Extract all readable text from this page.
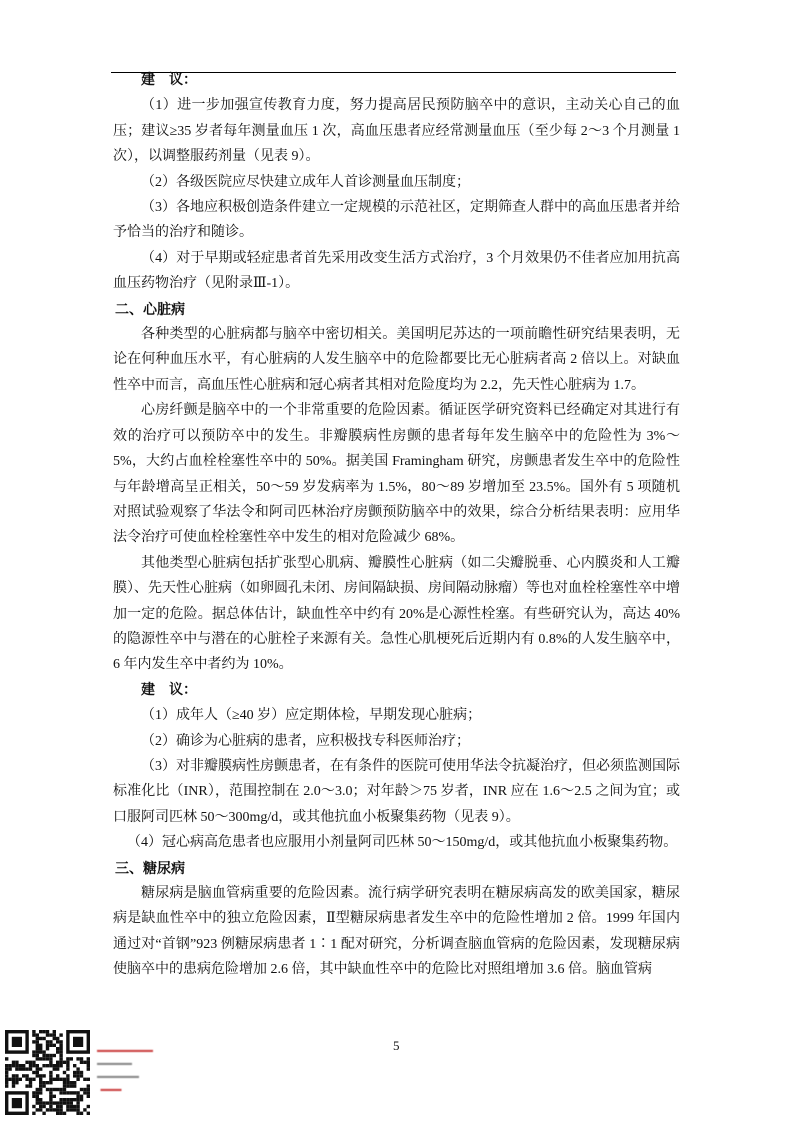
建　议：

（1）进一步加强宣传教育力度，努力提高居民预防脑卒中的意识，主动关心自己的血压；建议≥35 岁者每年测量血压 1 次，高血压患者应经常测量血压（至少每 2～3 个月测量 1 次），以调整服药剂量（见表 9）。

（2）各级医院应尽快建立成年人首诊测量血压制度；

（3）各地应积极创造条件建立一定规模的示范社区，定期筛查人群中的高血压患者并给予恰当的治疗和随诊。

（4）对于早期或轻症患者首先采用改变生活方式治疗，3 个月效果仍不佳者应加用抗高血压药物治疗（见附录Ⅲ-1）。

二、心脏病

各种类型的心脏病都与脑卒中密切相关。美国明尼苏达的一项前瞻性研究结果表明，无论在何种血压水平，有心脏病的人发生脑卒中的危险都要比无心脏病者高 2 倍以上。对缺血性卒中而言，高血压性心脏病和冠心病者其相对危险度均为 2.2，先天性心脏病为 1.7。

心房纤颤是脑卒中的一个非常重要的危险因素。循证医学研究资料已经确定对其进行有效的治疗可以预防卒中的发生。非瓣膜病性房颤的患者每年发生脑卒中的危险性为 3%～5%，大约占血栓栓塞性卒中的 50%。据美国 Framingham 研究，房颤患者发生卒中的危险性与年龄增高呈正相关，50～59 岁发病率为 1.5%，80～89 岁增加至 23.5%。国外有 5 项随机对照试验观察了华法令和阿司匹林治疗房颤预防脑卒中的效果，综合分析结果表明：应用华法令治疗可使血栓栓塞性卒中发生的相对危险减少 68%。

其他类型心脏病包括扩张型心肌病、瓣膜性心脏病（如二尖瓣脱垂、心内膜炎和人工瓣膜）、先天性心脏病（如卵圆孔未闭、房间隔缺损、房间隔动脉瘤）等也对血栓栓塞性卒中增加一定的危险。据总体估计，缺血性卒中约有 20%是心源性栓塞。有些研究认为，高达 40%的隐源性卒中与潜在的心脏栓子来源有关。急性心肌梗死后近期内有 0.8%的人发生脑卒中，6 年内发生卒中者约为 10%。

建　议：

（1）成年人（≥40 岁）应定期体检，早期发现心脏病；

（2）确诊为心脏病的患者，应积极找专科医师治疗；

（3）对非瓣膜病性房颤患者，在有条件的医院可使用华法令抗凝治疗，但必须监测国际标准化比（INR），范围控制在 2.0～3.0；对年龄＞75 岁者，INR 应在 1.6～2.5 之间为宜；或口服阿司匹林 50～300mg/d，或其他抗血小板聚集药物（见表 9）。

（4）冠心病高危患者也应服用小剂量阿司匹林 50～150mg/d，或其他抗血小板聚集药物。

三、糖尿病

糖尿病是脑血管病重要的危险因素。流行病学研究表明在糖尿病高发的欧美国家，糖尿病是缺血性卒中的独立危险因素，Ⅱ型糖尿病患者发生卒中的危险性增加 2 倍。1999 年国内通过对“首钢”923 例糖尿病患者 1∶1 配对研究，分析调查脑血管病的危险因素，发现糖尿病使脑卒中的患病危险增加 2.6 倍，其中缺血性卒中的危险比对照组增加 3.6 倍。脑血管病

5
▬▬▬▬▬▬▬▬
▬▬▬▬▬
▬▬▬▬▬▬
▬▬▬
